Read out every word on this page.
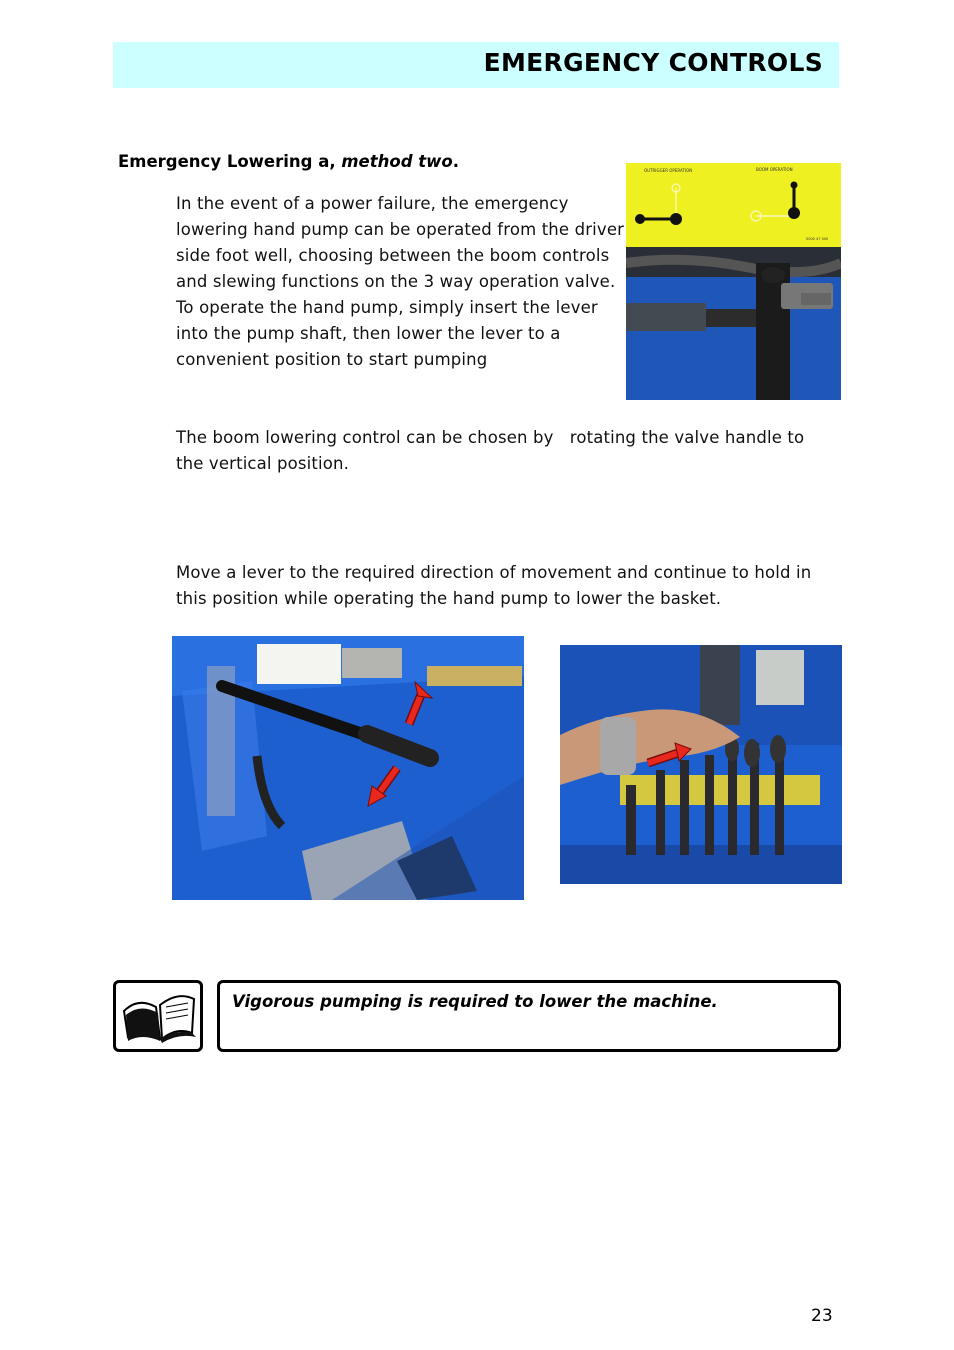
EMERGENCY CONTROLS
Emergency Lowering a, method two.
In the event of a power failure, the emergency lowering hand pump can be operated from the driver side foot well, choosing between the boom controls and slewing functions on the 3 way operation valve. To operate the hand pump, simply insert the lever into the pump shaft, then lower the lever to a convenient position to start pumping
The boom lowering control can be chosen by   rotating the valve handle to the vertical position.
Move a lever to the required direction of movement and continue to hold in this position while operating the hand pump to lower the basket.
OUTRIGGER OPERATION	BOOM OPERATION
0000 47 000
Vigorous pumping is required to lower the machine.
23
